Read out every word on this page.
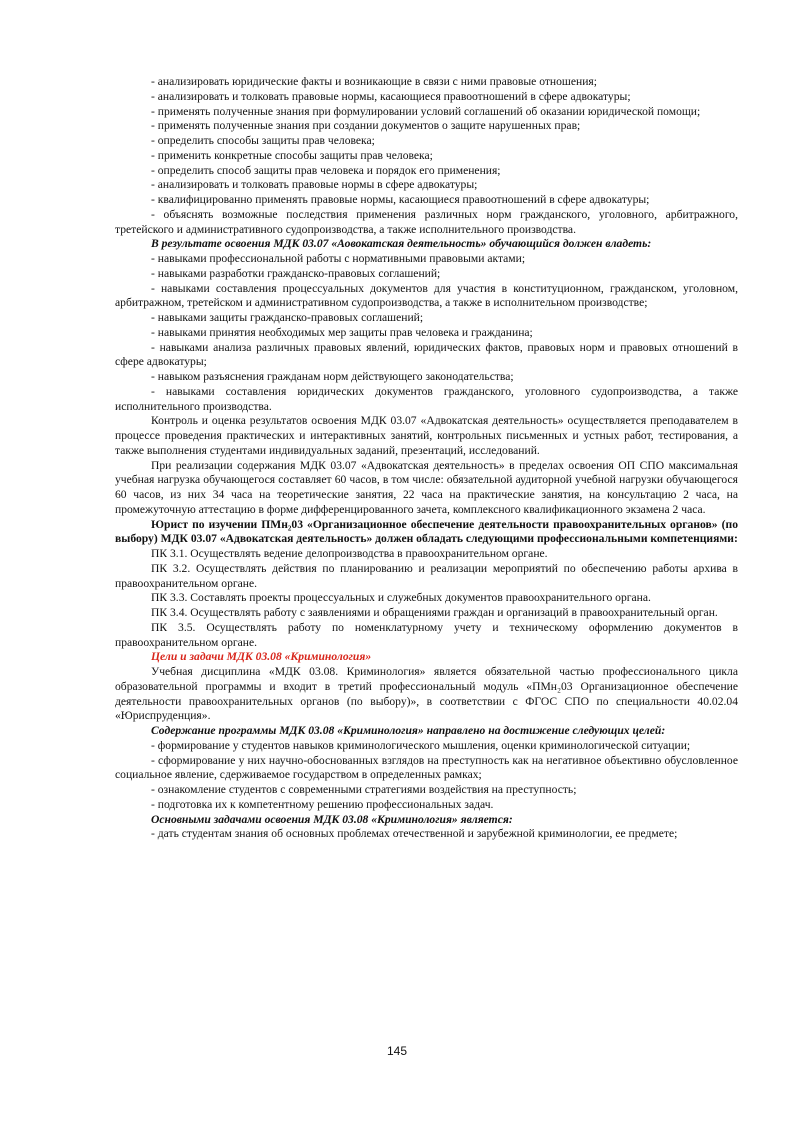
- анализировать юридические факты и возникающие в связи с ними правовые отношения;

- анализировать и толковать правовые нормы, касающиеся правоотношений в сфере адвокатуры;

- применять полученные знания при формулировании условий соглашений об оказании юридической помощи;

- применять полученные знания при создании документов о защите нарушенных прав;

- определить способы защиты прав человека;

- применить конкретные способы защиты прав человека;

- определить способ защиты прав человека и порядок его применения;

- анализировать и толковать правовые нормы в сфере адвокатуры;

- квалифицированно применять правовые нормы, касающиеся правоотношений в сфере адвокатуры;

- объяснять возможные последствия применения различных норм гражданского, уголовного, арбитражного, третейского и административного судопроизводства, а также исполнительного производства.

В результате освоения МДК 03.07 «Аовокатская деятельность» обучающийся должен владеть:

- навыками профессиональной работы с нормативными правовыми актами;

- навыками разработки гражданско-правовых соглашений;

- навыками составления процессуальных документов для участия в конституционном, гражданском, уголовном, арбитражном, третейском и административном судопроизводства, а также в исполнительном производстве;

- навыками защиты гражданско-правовых соглашений;

- навыками принятия необходимых мер защиты прав человека и гражданина;

- навыками анализа различных правовых явлений, юридических фактов, правовых норм и правовых отношений в сфере адвокатуры;

- навыком разъяснения гражданам норм действующего законодательства;

- навыками составления юридических документов гражданского, уголовного судопроизводства, а также исполнительного производства.

Контроль и оценка результатов освоения МДК 03.07 «Адвокатская деятельность» осуществляется преподавателем в процессе проведения практических и интерактивных занятий, контрольных письменных и устных работ, тестирования, а также выполнения студентами индивидуальных заданий, презентаций, исследований.

При реализации содержания МДК 03.07 «Адвокатская деятельность» в пределах освоения ОП СПО максимальная учебная нагрузка обучающегося составляет 60 часов, в том числе: обязательной аудиторной учебной нагрузки обучающегося 60 часов, из них 34 часа на теоретические занятия, 22 часа на практические занятия, на консультацию 2 часа, на промежуточную аттестацию в форме дифференцированного зачета, комплексного квалификационного экзамена 2 часа.

Юрист по изучении ПМн₂03 «Организационное обеспечение деятельности правоохранительных органов» (по выбору) МДК 03.07 «Адвокатская деятельность» должен обладать следующими профессиональными компетенциями:

ПК 3.1. Осуществлять ведение делопроизводства в правоохранительном органе.

ПК 3.2. Осуществлять действия по планированию и реализации мероприятий по обеспечению работы архива в правоохранительном органе.

ПК 3.3. Составлять проекты процессуальных и служебных документов правоохранительного органа.

ПК 3.4. Осуществлять работу с заявлениями и обращениями граждан и организаций в правоохранительный орган.

ПК 3.5. Осуществлять работу по номенклатурному учету и техническому оформлению документов в правоохранительном органе.

Цели и задачи МДК 03.08 «Криминология»

Учебная дисциплина «МДК 03.08. Криминология» является обязательной частью профессионального цикла образовательной программы и входит в третий профессиональный модуль «ПМн₂03 Организационное обеспечение деятельности правоохранительных органов (по выбору)», в соответствии с ФГОС СПО по специальности 40.02.04 «Юриспруденция».

Содержание программы МДК 03.08 «Криминология» направлено на достижение следующих целей:

- формирование у студентов навыков криминологического мышления, оценки криминологической ситуации;

- сформирование у них научно-обоснованных взглядов на преступность как на негативное объективно обусловленное социальное явление, сдерживаемое государством в определенных рамках;

- ознакомление студентов с современными стратегиями воздействия на преступность;

- подготовка их к компетентному решению профессиональных задач.

Основными задачами освоения МДК 03.08 «Криминология» является:

- дать студентам знания об основных проблемах отечественной и зарубежной криминологии, ее предмете;

145
